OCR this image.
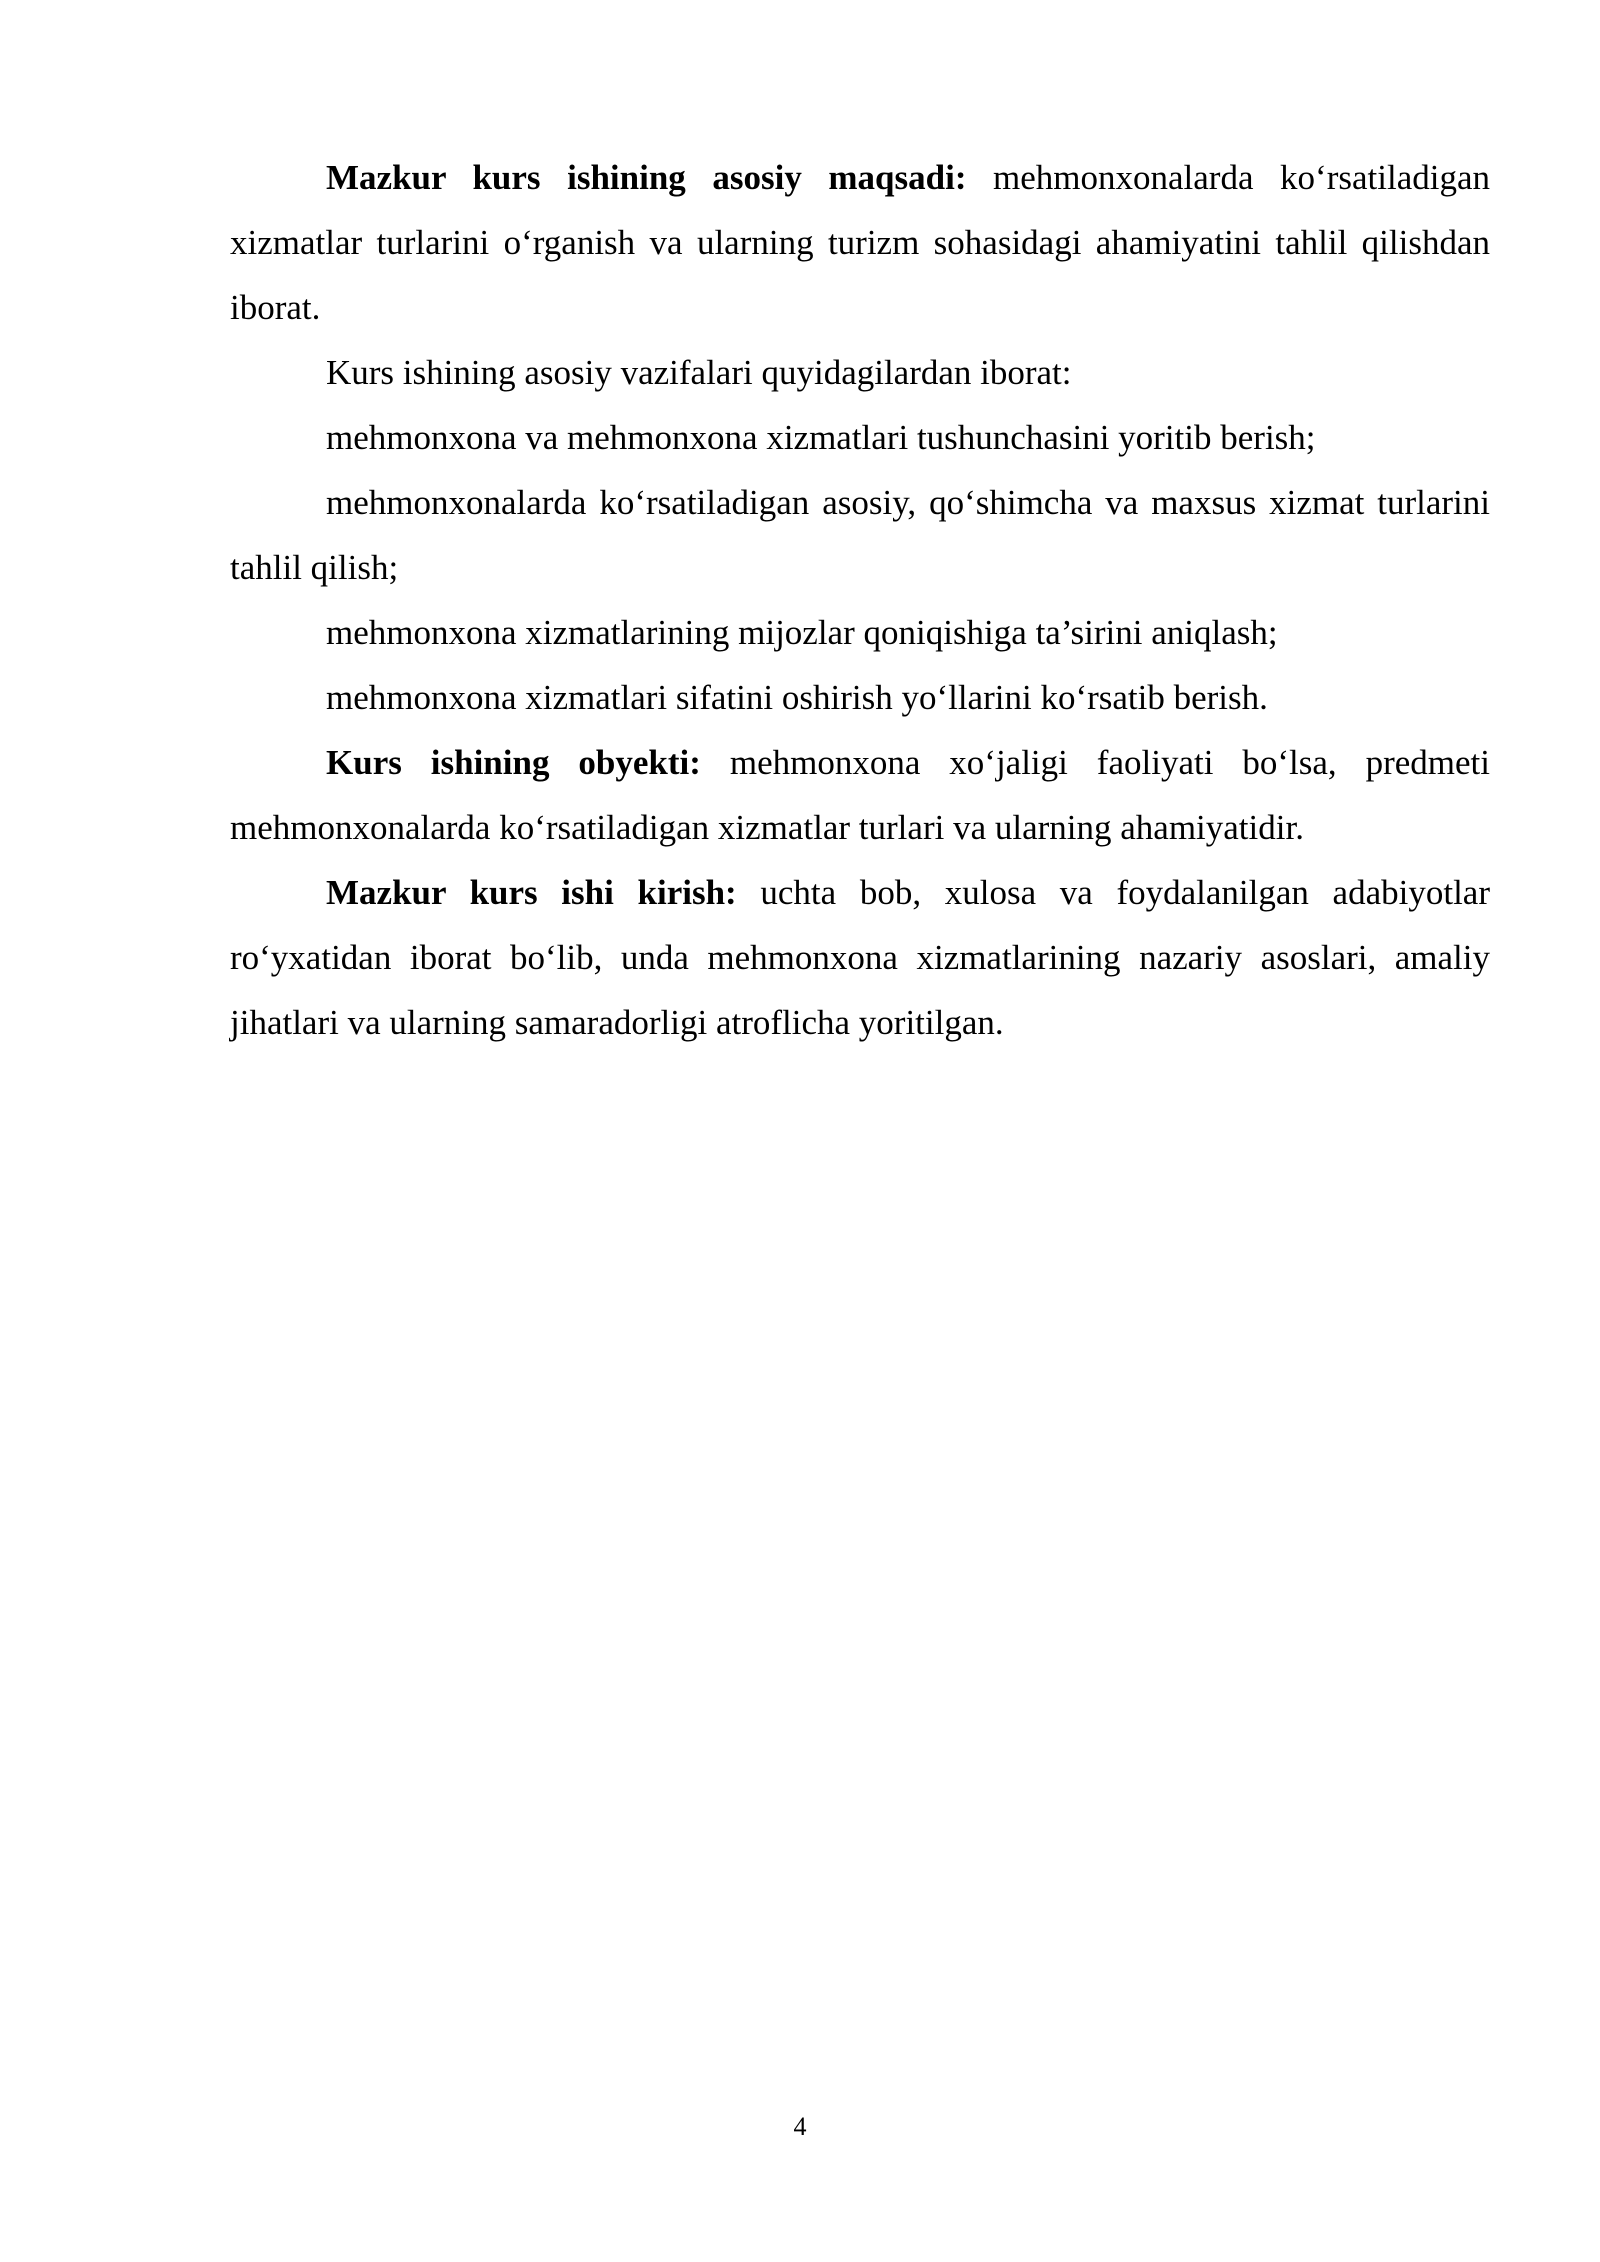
Mazkur kurs ishining asosiy maqsadi: mehmonxonalarda ko‘rsatiladigan xizmatlar turlarini o‘rganish va ularning turizm sohasidagi ahamiyatini tahlil qilishdan iborat.

Kurs ishining asosiy vazifalari quyidagilardan iborat:

mehmonxona va mehmonxona xizmatlari tushunchasini yoritib berish;

mehmonxonalarda ko‘rsatiladigan asosiy, qo‘shimcha va maxsus xizmat turlarini tahlil qilish;

mehmonxona xizmatlarining mijozlar qoniqishiga ta’sirini aniqlash;

mehmonxona xizmatlari sifatini oshirish yo‘llarini ko‘rsatib berish.

Kurs ishining obyekti: mehmonxona xo‘jaligi faoliyati bo‘lsa, predmeti mehmonxonalarda ko‘rsatiladigan xizmatlar turlari va ularning ahamiyatidir.

Mazkur kurs ishi kirish: uchta bob, xulosa va foydalanilgan adabiyotlar ro‘yxatidan iborat bo‘lib, unda mehmonxona xizmatlarining nazariy asoslari, amaliy jihatlari va ularning samaradorligi atroflicha yoritilgan.

4
